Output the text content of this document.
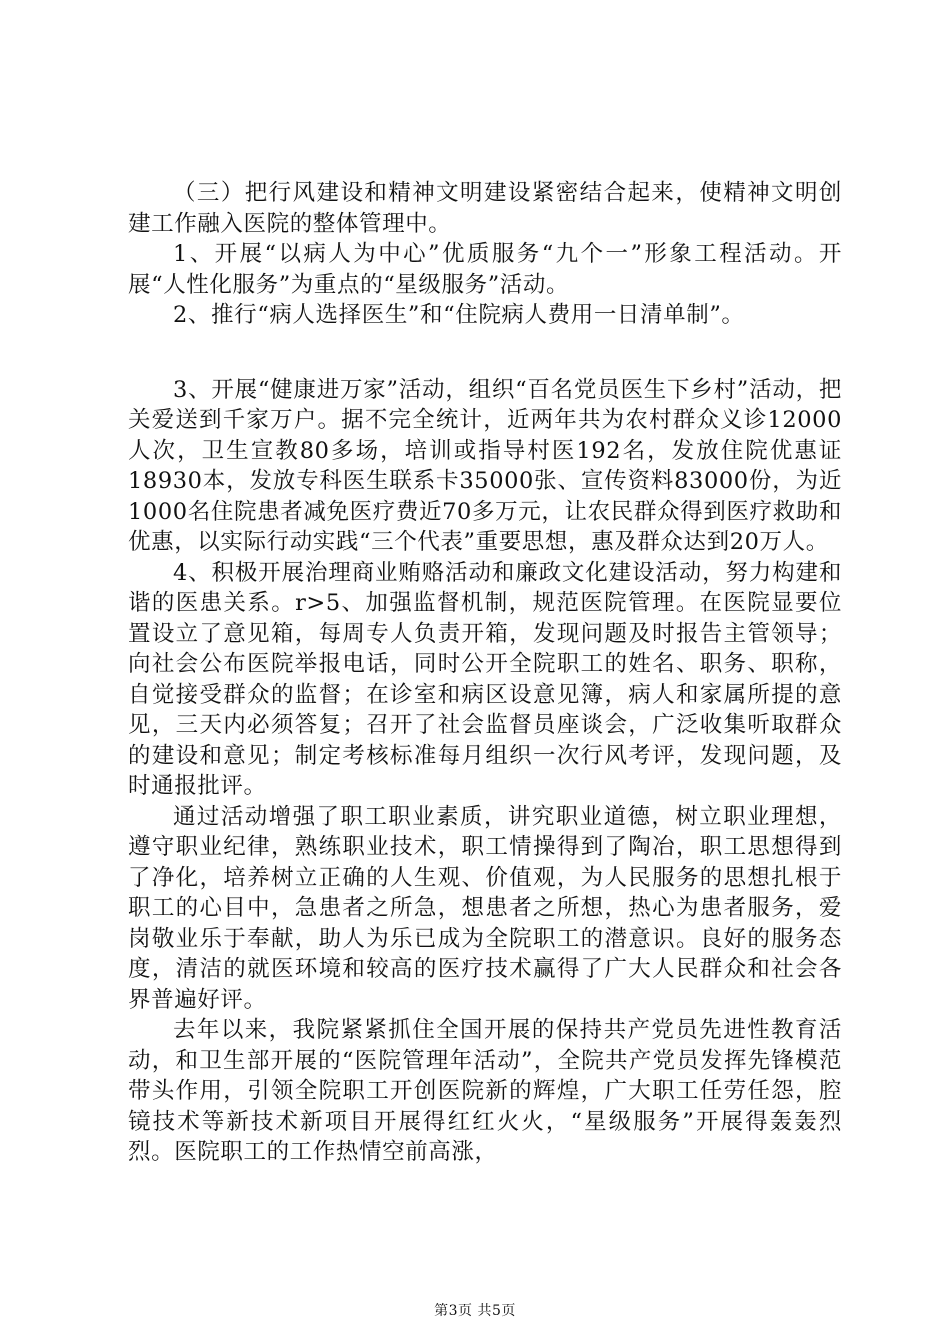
（三）把行风建设和精神文明建设紧密结合起来，使精神文明创建工作融入医院的整体管理中。

1、开展“以病人为中心”优质服务“九个一”形象工程活动。开展“人性化服务”为重点的“星级服务”活动。

2、推行“病人选择医生”和“住院病人费用一日清单制”。

3、开展“健康进万家”活动，组织“百名党员医生下乡村”活动，把关爱送到千家万户。据不完全统计，近两年共为农村群众义诊12000人次，卫生宣教80多场，培训或指导村医192名，发放住院优惠证18930本，发放专科医生联系卡35000张、宣传资料83000份，为近1000名住院患者减免医疗费近70多万元，让农民群众得到医疗救助和优惠，以实际行动实践“三个代表”重要思想，惠及群众达到20万人。

4、积极开展治理商业贿赂活动和廉政文化建设活动，努力构建和谐的医患关系。r>5、加强监督机制，规范医院管理。在医院显要位置设立了意见箱，每周专人负责开箱，发现问题及时报告主管领导；向社会公布医院举报电话，同时公开全院职工的姓名、职务、职称，自觉接受群众的监督；在诊室和病区设意见簿，病人和家属所提的意见，三天内必须答复；召开了社会监督员座谈会，广泛收集听取群众的建设和意见；制定考核标准每月组织一次行风考评，发现问题，及时通报批评。

通过活动增强了职工职业素质，讲究职业道德，树立职业理想，遵守职业纪律，熟练职业技术，职工情操得到了陶冶，职工思想得到了净化，培养树立正确的人生观、价值观，为人民服务的思想扎根于职工的心目中，急患者之所急，想患者之所想，热心为患者服务，爱岗敬业乐于奉献，助人为乐已成为全院职工的潜意识。良好的服务态度，清洁的就医环境和较高的医疗技术赢得了广大人民群众和社会各界普遍好评。

去年以来，我院紧紧抓住全国开展的保持共产党员先进性教育活动，和卫生部开展的“医院管理年活动”，全院共产党员发挥先锋模范带头作用，引领全院职工开创医院新的辉煌，广大职工任劳任怨，腔镜技术等新技术新项目开展得红红火火，“星级服务”开展得轰轰烈烈。医院职工的工作热情空前高涨，

第3页 共5页
